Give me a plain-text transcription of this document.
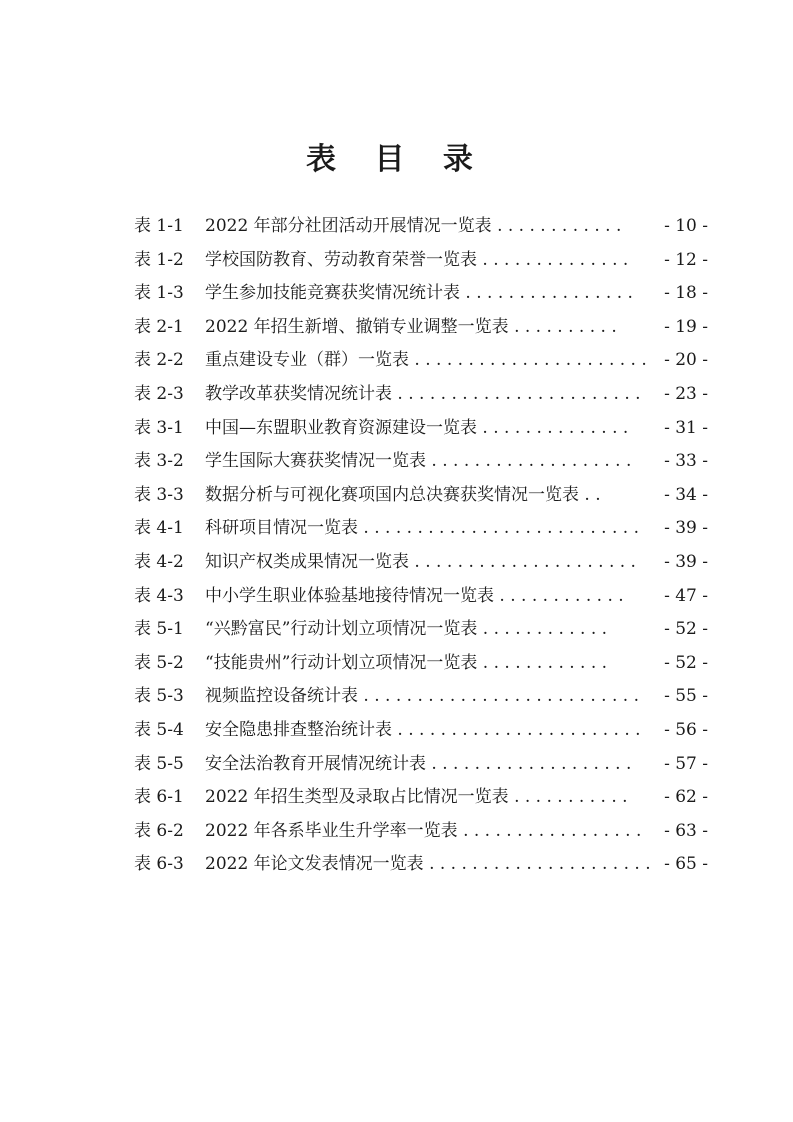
表 目 录
表 1-1 2022 年部分社团活动开展情况一览表 . . . . . . . . . . . .	- 10 -
表 1-2 学校国防教育、劳动教育荣誉一览表 . . . . . . . . . . . . . .	- 12 -
表 1-3 学生参加技能竞赛获奖情况统计表 . . . . . . . . . . . . . . . .	- 18 -
表 2-1 2022 年招生新增、撤销专业调整一览表 . . . . . . . . . .	- 19 -
表 2-2 重点建设专业（群）一览表 . . . . . . . . . . . . . . . . . . . . . .	- 20 -
表 2-3 教学改革获奖情况统计表 . . . . . . . . . . . . . . . . . . . . . . .	- 23 -
表 3-1 中国—东盟职业教育资源建设一览表 . . . . . . . . . . . . . .	- 31 -
表 3-2 学生国际大赛获奖情况一览表 . . . . . . . . . . . . . . . . . . .	- 33 -
表 3-3 数据分析与可视化赛项国内总决赛获奖情况一览表 . .	- 34 -
表 4-1 科研项目情况一览表 . . . . . . . . . . . . . . . . . . . . . . . . . .	- 39 -
表 4-2 知识产权类成果情况一览表 . . . . . . . . . . . . . . . . . . . . .	- 39 -
表 4-3 中小学生职业体验基地接待情况一览表 . . . . . . . . . . . .	- 47 -
表 5-1 “兴黔富民”行动计划立项情况一览表 . . . . . . . . . . . .	- 52 -
表 5-2 “技能贵州”行动计划立项情况一览表 . . . . . . . . . . . .	- 52 -
表 5-3 视频监控设备统计表 . . . . . . . . . . . . . . . . . . . . . . . . . .	- 55 -
表 5-4 安全隐患排查整治统计表 . . . . . . . . . . . . . . . . . . . . . . .	- 56 -
表 5-5 安全法治教育开展情况统计表 . . . . . . . . . . . . . . . . . . .	- 57 -
表 6-1 2022 年招生类型及录取占比情况一览表 . . . . . . . . . . .	- 62 -
表 6-2 2022 年各系毕业生升学率一览表 . . . . . . . . . . . . . . . . .	- 63 -
表 6-3 2022 年论文发表情况一览表 . . . . . . . . . . . . . . . . . . . . . - 65 -
